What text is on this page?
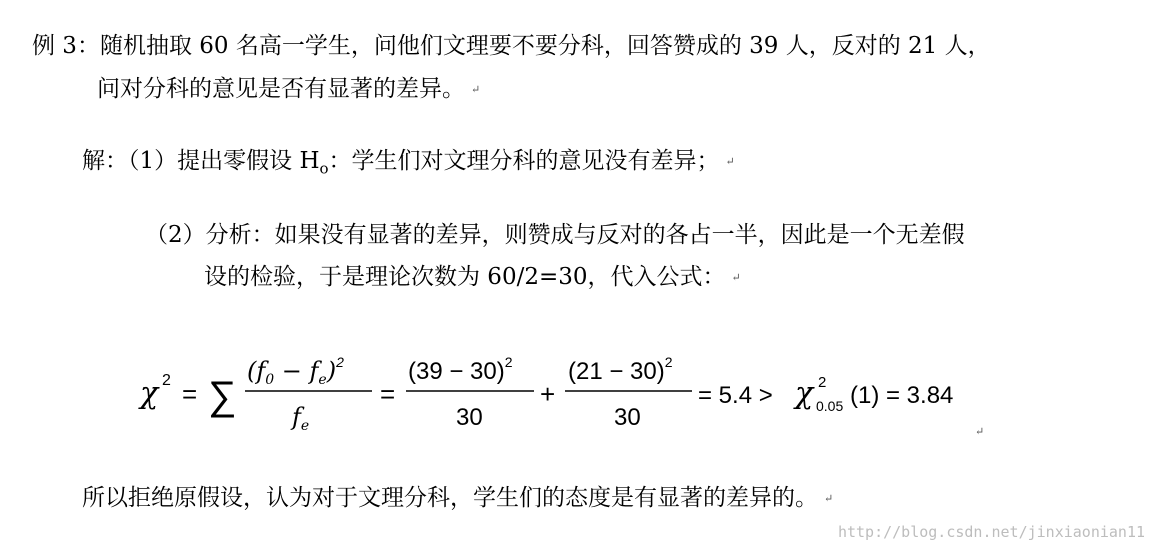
例 3：随机抽取 60 名高一学生，问他们文理要不要分科，回答赞成的 39 人，反对的 21 人，
问对分科的意见是否有显著的差异。 ↵
解：（1）提出零假设 $H_o$：学生们对文理分科的意见没有差异； ↵
（2）分析：如果没有显著的差异，则赞成与反对的各占一半，因此是一个无差假
设的检验，于是理论次数为 60/2=30，代入公式： ↵
χ 2 = ∑
$(f_0 - f_e)^2$
$f_e$
=
$(39 - 30)^2$
30
+
$(21 - 30)^2$
30
= 5.4 > χ 2
0.05 (1) = 3.84
↵
所以拒绝原假设，认为对于文理分科，学生们的态度是有显著的差异的。 ↵
http://blog.csdn.net/jinxiaonian11
